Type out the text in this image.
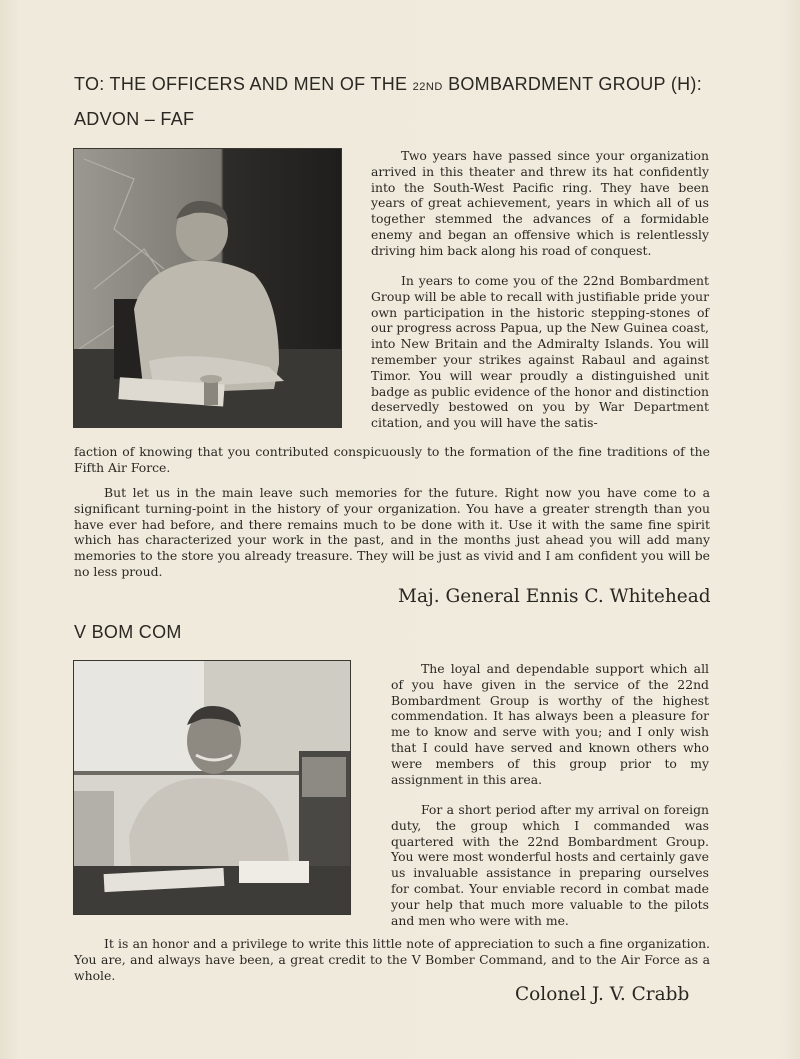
TO: THE OFFICERS AND MEN OF THE 22ND BOMBARDMENT GROUP (H):
ADVON – FAF

Two years have passed since your organization arrived in this theater and threw its hat confidently into the South-West Pacific ring. They have been years of great achievement, years in which all of us together stemmed the advances of a formidable enemy and began an offensive which is relentlessly driving him back along his road of conquest.

In years to come you of the 22nd Bombardment Group will be able to recall with justifiable pride your own participation in the historic stepping-stones of our progress across Papua, up the New Guinea coast, into New Britain and the Admiralty Islands. You will remember your strikes against Rabaul and against Timor. You will wear proudly a distinguished unit badge as public evidence of the honor and distinction deservedly bestowed on you by War Department citation, and you will have the satis-

faction of knowing that you contributed conspicuously to the formation of the fine traditions of the Fifth Air Force.

But let us in the main leave such memories for the future. Right now you have come to a significant turning-point in the history of your organization. You have a greater strength than you have ever had before, and there remains much to be done with it. Use it with the same fine spirit which has characterized your work in the past, and in the months just ahead you will add many memories to the store you already treasure. They will be just as vivid and I am confident you will be no less proud.

Maj. General Ennis C. Whitehead

V BOM COM

The loyal and dependable support which all of you have given in the service of the 22nd Bombardment Group is worthy of the highest commendation. It has always been a pleasure for me to know and serve with you; and I only wish that I could have served and known others who were members of this group prior to my assignment in this area.

For a short period after my arrival on foreign duty, the group which I commanded was quartered with the 22nd Bombardment Group. You were most wonderful hosts and certainly gave us invaluable assistance in preparing ourselves for combat. Your enviable record in combat made your help that much more valuable to the pilots and men who were with me.

It is an honor and a privilege to write this little note of appreciation to such a fine organization. You are, and always have been, a great credit to the V Bomber Command, and to the Air Force as a whole.

Colonel J. V. Crabb
